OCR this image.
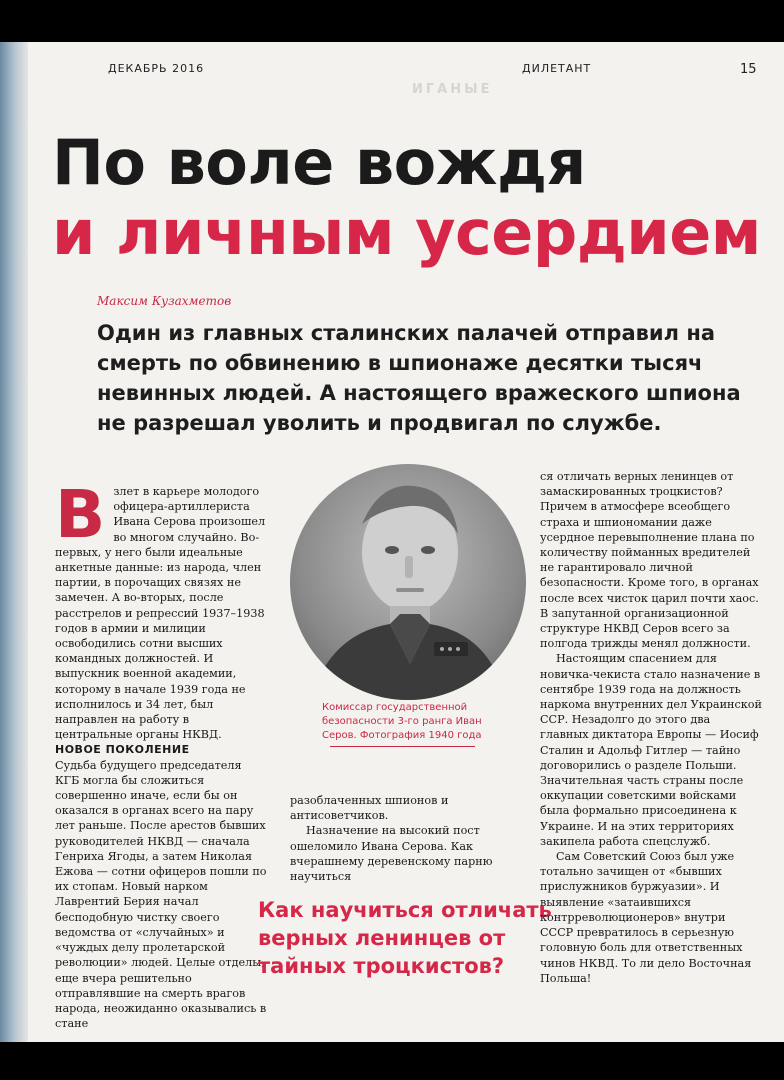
ДЕКАБРЬ 2016	ДИЛЕТАНТ	15
ИГАНЫЕ
По воле вождя
и личным усердием
Максим Кузахметов
Один из главных сталинских палачей отправил на смерть по обвинению в шпионаже десятки тысяч невинных людей. А настоящего вражеского шпиона не разрешал уволить и продвигал по службе.

Взлет в карьере молодого офицера-артиллериста Ивана Серова произошел во многом случайно. Во-первых, у него были идеальные анкетные данные: из народа, член партии, в порочащих связях не замечен. А во-вторых, после расстрелов и репрессий 1937–1938 годов в армии и милиции освободились сотни высших командных должностей. И выпускник военной академии, которому в начале 1939 года не исполнилось и 34 лет, был направлен на работу в центральные органы НКВД.

НОВОЕ ПОКОЛЕНИЕ

Судьба будущего председателя КГБ могла бы сложиться совершенно иначе, если бы он оказался в органах всего на пару лет раньше. После арестов бывших руководителей НКВД — сначала Генриха Ягоды, а затем Николая Ежова — сотни офицеров пошли по их стопам. Новый нарком Лаврентий Берия начал бесподобную чистку своего ведомства от «случайных» и «чуждых делу пролетарской революции» людей. Целые отделы, еще вчера решительно отправлявшие на смерть врагов народа, неожиданно оказывались в стане

Комиссар государственной безопасности 3-го ранга Иван Серов. Фотография 1940 года

разоблаченных шпионов и антисоветчиков.

Назначение на высокий пост ошеломило Ивана Серова. Как вчерашнему деревенскому парню научиться

Как научиться отличать верных ленинцев от тайных троцкистов?

ся отличать верных ленинцев от замаскированных троцкистов? Причем в атмосфере всеобщего страха и шпиономании даже усердное перевыполнение плана по количеству пойманных вредителей не гарантировало личной безопасности. Кроме того, в органах после всех чисток царил почти хаос. В запутанной организационной структуре НКВД Серов всего за полгода трижды менял должности.

Настоящим спасением для новичка-чекиста стало назначение в сентябре 1939 года на должность наркома внутренних дел Украинской ССР. Незадолго до этого два главных диктатора Европы — Иосиф Сталин и Адольф Гитлер — тайно договорились о разделе Польши. Значительная часть страны после оккупации советскими войсками была формально присоединена к Украине. И на этих территориях закипела работа спецслужб.

Сам Советский Союз был уже тотально зачищен от «бывших прислужников буржуазии». И выявление «затаившихся контрреволюционеров» внутри СССР превратилось в серьезную головную боль для ответственных чинов НКВД. То ли дело Восточная Польша!
